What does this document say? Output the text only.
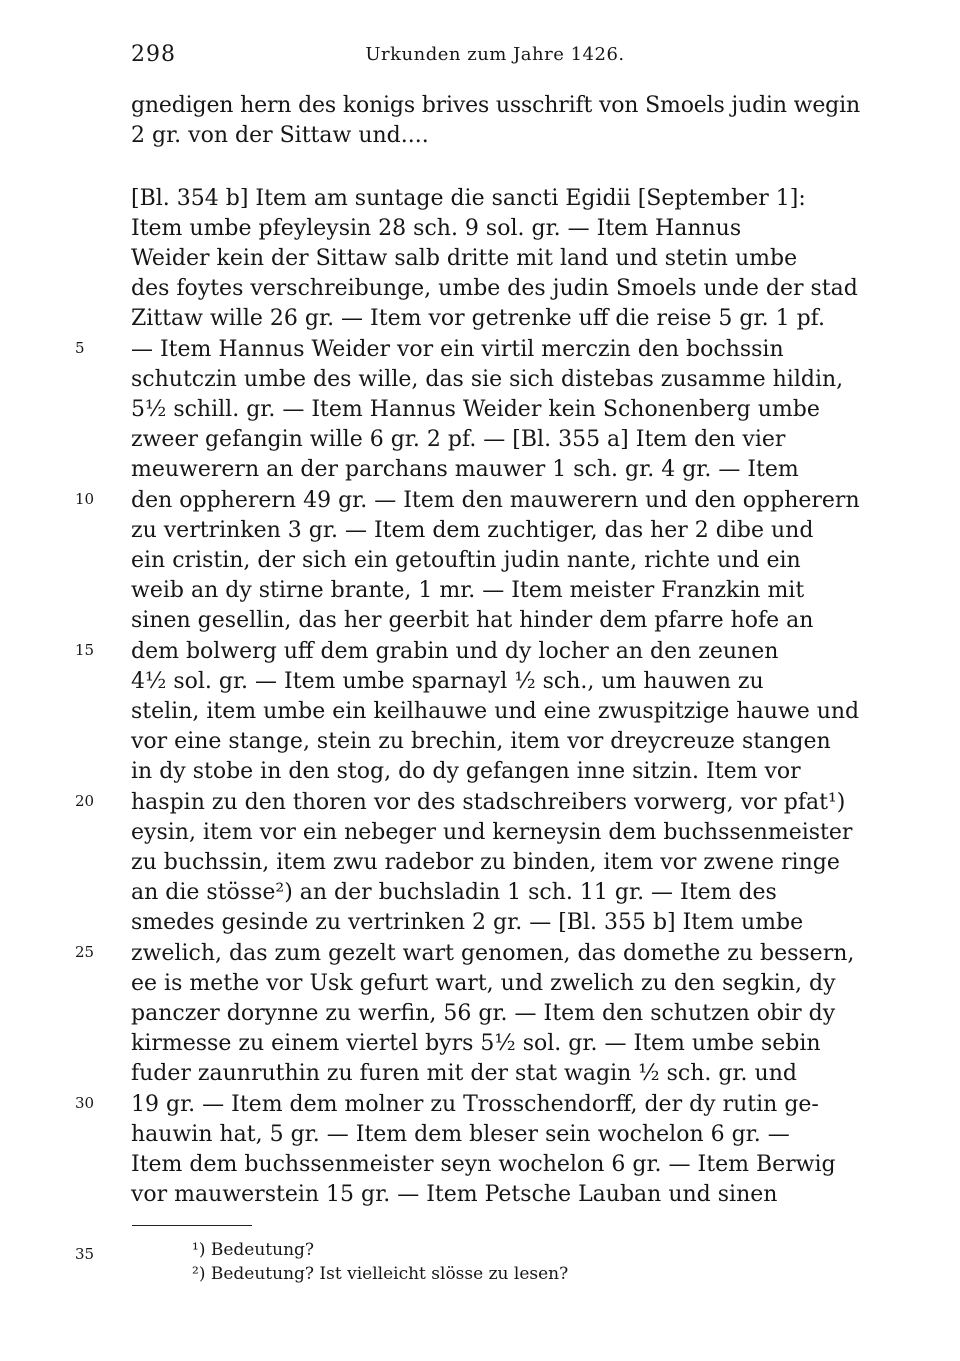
298	Urkunden zum Jahre 1426.
gnedigen hern des konigs brives usschrift von Smoels judin wegin
2 gr. von der Sittaw und....
[Bl. 354 b] Item am suntage die sancti Egidii [September 1]:
Item umbe pfeyleysin 28 sch. 9 sol. gr. — Item Hannus
Weider kein der Sittaw salb dritte mit land und stetin umbe
des foytes verschreibunge, umbe des judin Smoels unde der stad
Zittaw wille 26 gr. — Item vor getrenke uff die reise 5 gr. 1 pf.
— Item Hannus Weider vor ein virtil merczin den bochssin
schutczin umbe des wille, das sie sich distebas zusamme hildin,
5½ schill. gr. — Item Hannus Weider kein Schonenberg umbe
zweer gefangin wille 6 gr. 2 pf. — [Bl. 355 a] Item den vier
meuwerern an der parchans mauwer 1 sch. gr. 4 gr. — Item
den oppherern 49 gr. — Item den mauwerern und den oppherern
zu vertrinken 3 gr. — Item dem zuchtiger, das her 2 dibe und
ein cristin, der sich ein getouftin judin nante, richte und ein
weib an dy stirne brante, 1 mr. — Item meister Franzkin mit
sinen gesellin, das her geerbit hat hinder dem pfarre hofe an
dem bolwerg uff dem grabin und dy locher an den zeunen
4½ sol. gr. — Item umbe sparnayl ½ sch., um hauwen zu
stelin, item umbe ein keilhauwe und eine zwuspitzige hauwe und
vor eine stange, stein zu brechin, item vor dreycreuze stangen
in dy stobe in den stog, do dy gefangen inne sitzin. Item vor
haspin zu den thoren vor des stadschreibers vorwerg, vor pfat¹)
eysin, item vor ein nebeger und kerneysin dem buchssenmeister
zu buchssin, item zwu radebor zu binden, item vor zwene ringe
an die stösse²) an der buchsladin 1 sch. 11 gr. — Item des
smedes gesinde zu vertrinken 2 gr. — [Bl. 355 b] Item umbe
zwelich, das zum gezelt wart genomen, das domethe zu bessern,
ee is methe vor Usk gefurt wart, und zwelich zu den segkin, dy
panczer dorynne zu werfin, 56 gr. — Item den schutzen obir dy
kirmesse zu einem viertel byrs 5½ sol. gr. — Item umbe sebin
fuder zaunruthin zu furen mit der stat wagin ½ sch. gr. und
19 gr. — Item dem molner zu Trosschendorff, der dy rutin ge-
hauwin hat, 5 gr. — Item dem bleser sein wochelon 6 gr. —
Item dem buchssenmeister seyn wochelon 6 gr. — Item Berwig
vor mauwerstein 15 gr. — Item Petsche Lauban und sinen
5
10
15
20
25
30
35	¹) Bedeutung?
²) Bedeutung? Ist vielleicht slösse zu lesen?
